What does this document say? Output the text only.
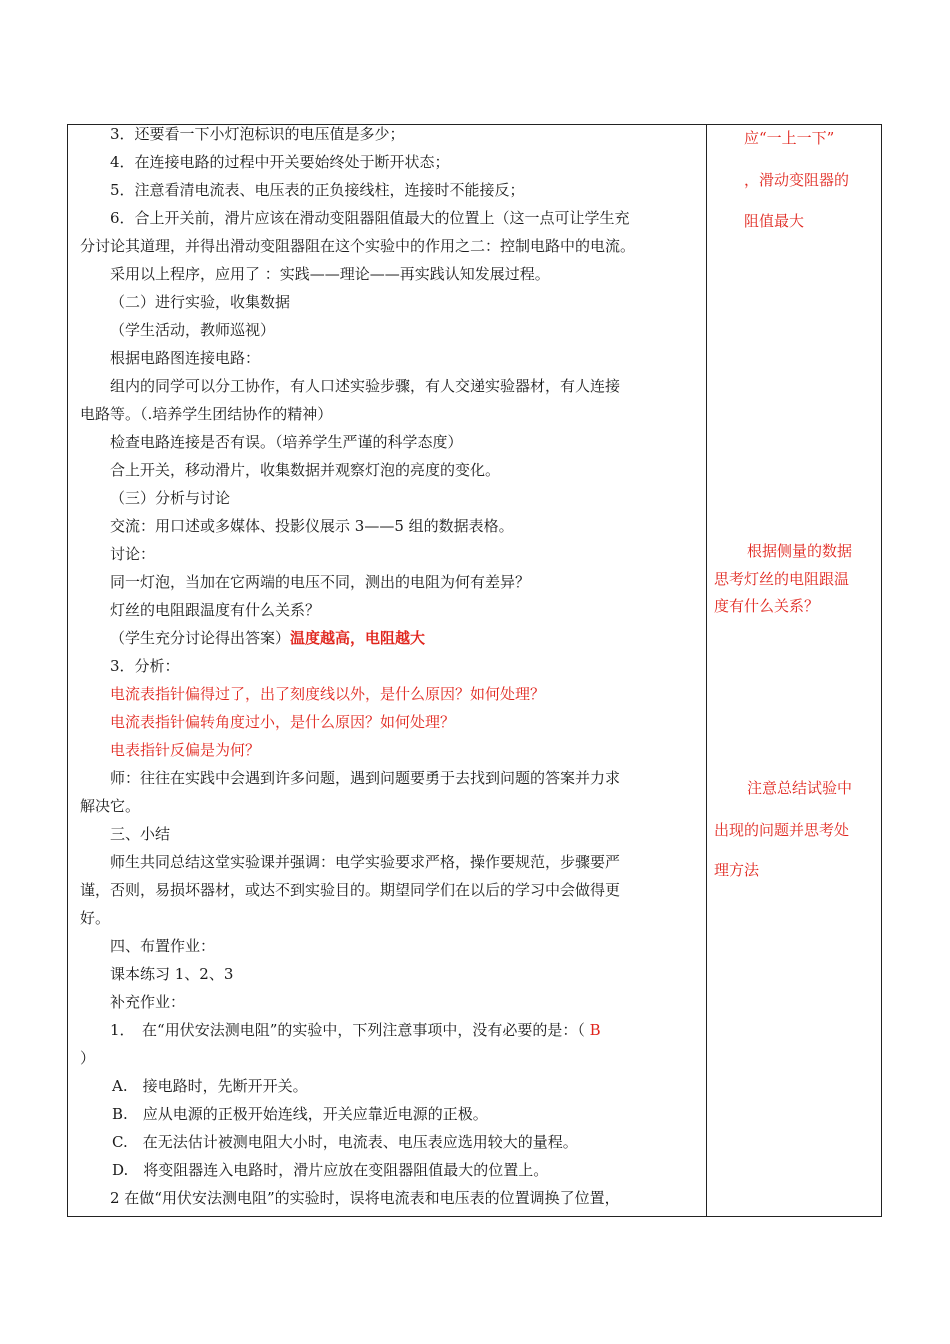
3．还要看一下小灯泡标识的电压值是多少；
4．在连接电路的过程中开关要始终处于断开状态；
5．注意看清电流表、电压表的正负接线柱，连接时不能接反；
6．合上开关前，滑片应该在滑动变阻器阻值最大的位置上（这一点可让学生充
分讨论其道理，并得出滑动变阻器阻在这个实验中的作用之二：控制电路中的电流。
采用以上程序，应用了 ：实践——理论——再实践认知发展过程。
（二）进行实验，收集数据
（学生活动，教师巡视）
根据电路图连接电路：
组内的同学可以分工协作，有人口述实验步骤，有人交递实验器材，有人连接
电路等。（.培养学生团结协作的精神）
检查电路连接是否有误。（培养学生严谨的科学态度）
合上开关，移动滑片，收集数据并观察灯泡的亮度的变化。
（三）分析与讨论
交流：用口述或多媒体、投影仪展示 3——5 组的数据表格。
讨论：
同一灯泡，当加在它两端的电压不同，测出的电阻为何有差异？
灯丝的电阻跟温度有什么关系？
（学生充分讨论得出答案）温度越高，电阻越大
3．分析：
电流表指针偏得过了，出了刻度线以外，是什么原因？如何处理？
电流表指针偏转角度过小，是什么原因？如何处理？
电表指针反偏是为何？
师：往往在实践中会遇到许多问题，遇到问题要勇于去找到问题的答案并力求
解决它。
三、小结
师生共同总结这堂实验课并强调：电学实验要求严格，操作要规范，步骤要严
谨，否则，易损坏器材，或达不到实验目的。期望同学们在以后的学习中会做得更
好。
四、布置作业：
课本练习 1、2、3
补充作业：
1．　在“用伏安法测电阻”的实验中，下列注意事项中，没有必要的是：（ B
）
A.　接电路时，先断开开关。
B.　应从电源的正极开始连线，开关应靠近电源的正极。
C.　在无法估计被测电阻大小时，电流表、电压表应选用较大的量程。
D.　将变阻器连入电路时，滑片应放在变阻器阻值最大的位置上。
2 在做“用伏安法测电阻”的实验时，误将电流表和电压表的位置调换了位置，
应“一上一下”
，滑动变阻器的
阻值最大
根据侧量的数据
思考灯丝的电阻跟温
度有什么关系？
注意总结试验中
出现的问题并思考处
理方法
